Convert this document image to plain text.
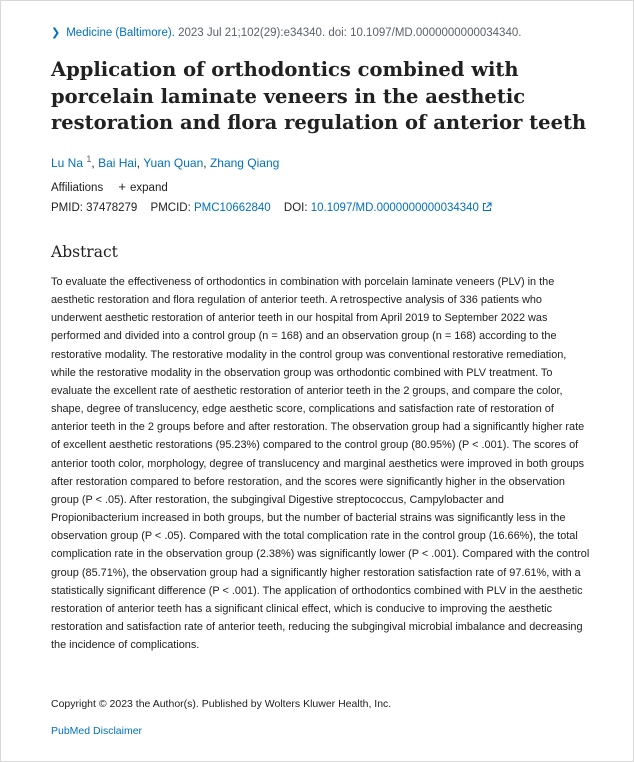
❯ Medicine (Baltimore). 2023 Jul 21;102(29):e34340. doi: 10.1097/MD.0000000000034340.
Application of orthodontics combined with porcelain laminate veneers in the aesthetic restoration and flora regulation of anterior teeth
Lu Na $^1$, Bai Hai, Yuan Quan, Zhang Qiang
Affiliations + expand
PMID: 37478279 PMCID: PMC10662840 DOI: 10.1097/MD.0000000000034340
Abstract

To evaluate the effectiveness of orthodontics in combination with porcelain laminate veneers (PLV) in the aesthetic restoration and flora regulation of anterior teeth. A retrospective analysis of 336 patients who underwent aesthetic restoration of anterior teeth in our hospital from April 2019 to September 2022 was performed and divided into a control group (n = 168) and an observation group (n = 168) according to the restorative modality. The restorative modality in the control group was conventional restorative remediation, while the restorative modality in the observation group was orthodontic combined with PLV treatment. To evaluate the excellent rate of aesthetic restoration of anterior teeth in the 2 groups, and compare the color, shape, degree of translucency, edge aesthetic score, complications and satisfaction rate of restoration of anterior teeth in the 2 groups before and after restoration. The observation group had a significantly higher rate of excellent aesthetic restorations (95.23%) compared to the control group (80.95%) (P < .001). The scores of anterior tooth color, morphology, degree of translucency and marginal aesthetics were improved in both groups after restoration compared to before restoration, and the scores were significantly higher in the observation group (P < .05). After restoration, the subgingival Digestive streptococcus, Campylobacter and Propionibacterium increased in both groups, but the number of bacterial strains was significantly less in the observation group (P < .05). Compared with the total complication rate in the control group (16.66%), the total complication rate in the observation group (2.38%) was significantly lower (P < .001). Compared with the control group (85.71%), the observation group had a significantly higher restoration satisfaction rate of 97.61%, with a statistically significant difference (P < .001). The application of orthodontics combined with PLV in the aesthetic restoration of anterior teeth has a significant clinical effect, which is conducive to improving the aesthetic restoration and satisfaction rate of anterior teeth, reducing the subgingival microbial imbalance and decreasing the incidence of complications.

Copyright © 2023 the Author(s). Published by Wolters Kluwer Health, Inc.
PubMed Disclaimer
